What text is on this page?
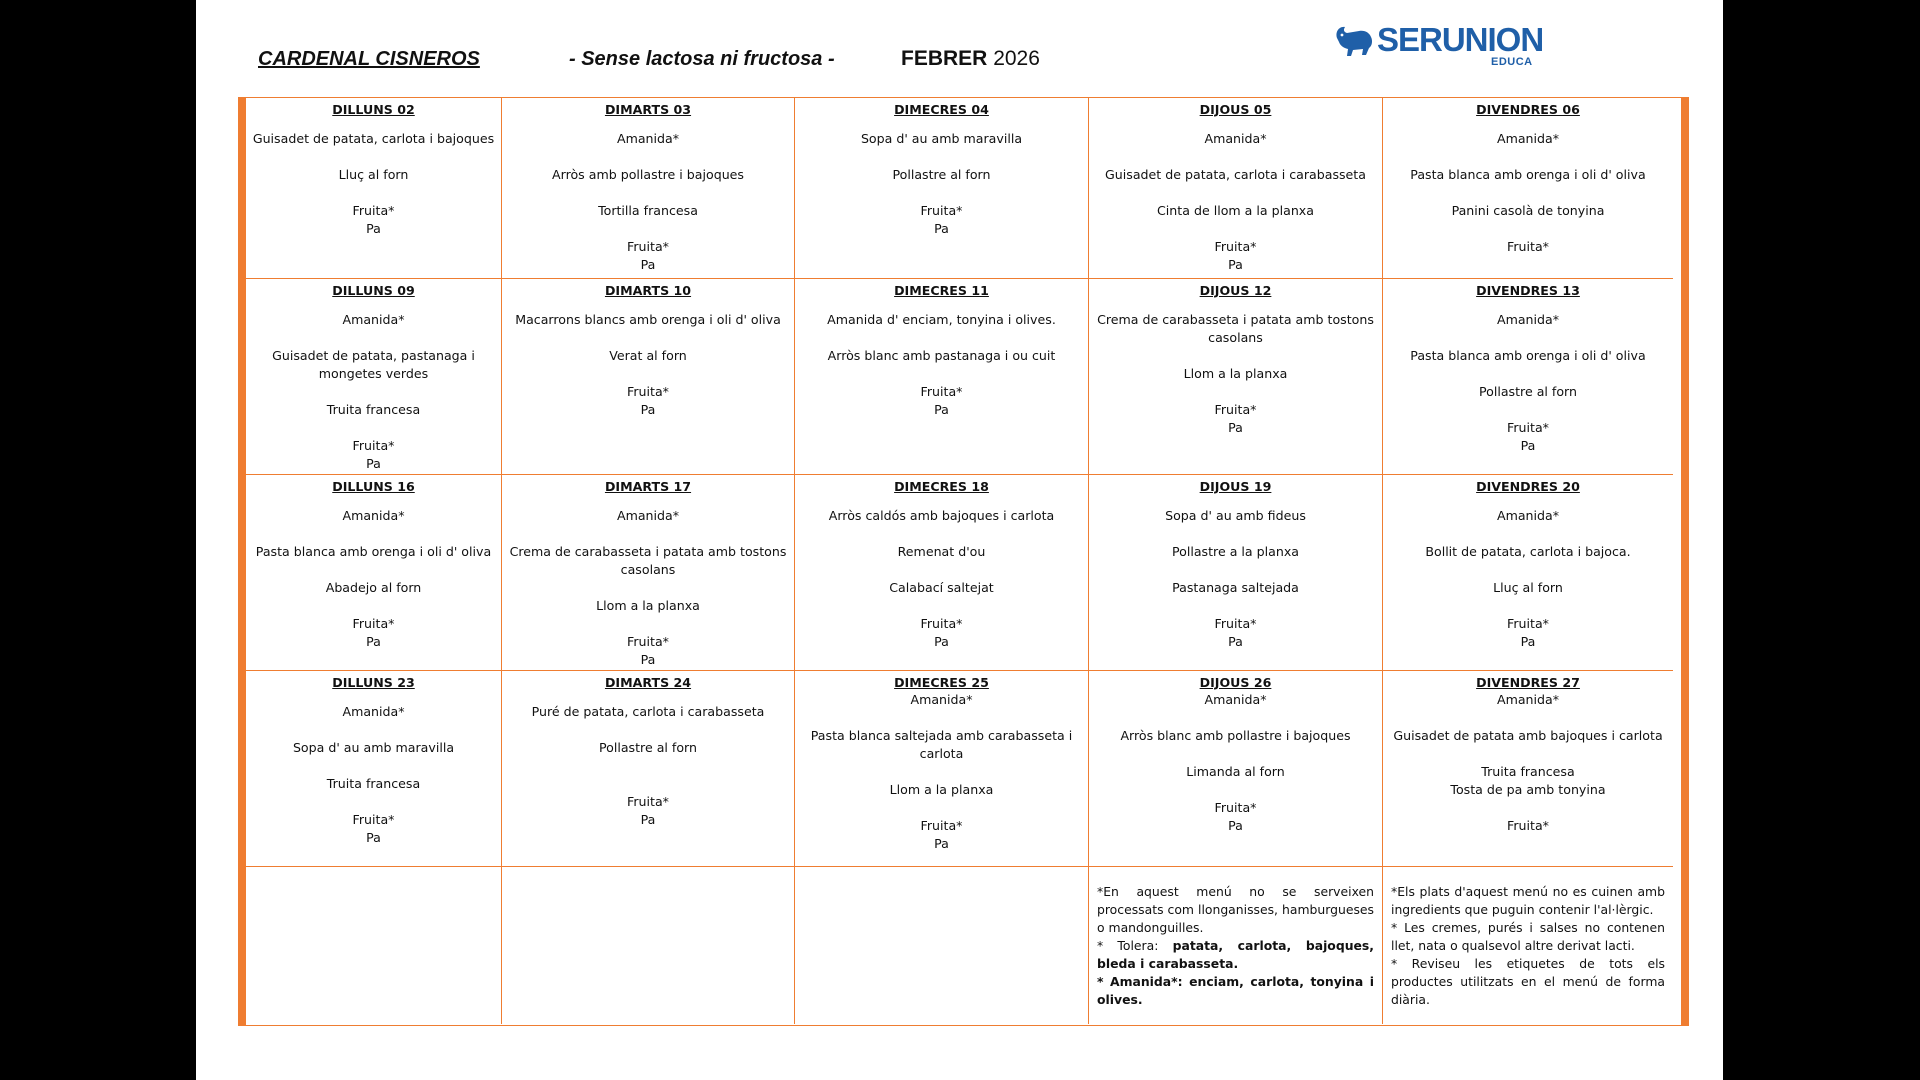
CARDENAL CISNEROS	- Sense lactosa ni fructosa -	FEBRER 2026
SERUNION
EDUCA
DILLUNS 02
Guisadet de patata, carlota i bajoques
Lluç al forn
Fruita*
Pa
DIMARTS 03
Amanida*
Arròs amb pollastre i bajoques
Tortilla francesa
Fruita*
Pa
DIMECRES 04
Sopa d' au amb maravilla
Pollastre al forn
Fruita*
Pa
DIJOUS 05
Amanida*
Guisadet de patata, carlota i carabasseta
Cinta de llom a la planxa
Fruita*
Pa
DIVENDRES 06
Amanida*
Pasta blanca amb orenga i oli d' oliva
Panini casolà de tonyina
Fruita*
DILLUNS 09
Amanida*
Guisadet de patata, pastanaga i mongetes verdes
Truita francesa
Fruita*
Pa
DIMARTS 10
Macarrons blancs amb orenga i oli d' oliva
Verat al forn
Fruita*
Pa
DIMECRES 11
Amanida d' enciam, tonyina i olives.
Arròs blanc amb pastanaga i ou cuit
Fruita*
Pa
DIJOUS 12
Crema de carabasseta i patata amb tostons casolans
Llom a la planxa
Fruita*
Pa
DIVENDRES 13
Amanida*
Pasta blanca amb orenga i oli d' oliva
Pollastre al forn
Fruita*
Pa
DILLUNS 16
Amanida*
Pasta blanca amb orenga i oli d' oliva
Abadejo al forn
Fruita*
Pa
DIMARTS 17
Amanida*
Crema de carabasseta i patata amb tostons casolans
Llom a la planxa
Fruita*
Pa
DIMECRES 18
Arròs caldós amb bajoques i carlota
Remenat d'ou
Calabací saltejat
Fruita*
Pa
DIJOUS 19
Sopa d' au amb fideus
Pollastre a la planxa
Pastanaga saltejada
Fruita*
Pa
DIVENDRES 20
Amanida*
Bollit de patata, carlota i bajoca.
Lluç al forn
Fruita*
Pa
DILLUNS 23
Amanida*
Sopa d' au amb maravilla
Truita francesa
Fruita*
Pa
DIMARTS 24
Puré de patata, carlota i carabasseta
Pollastre al forn
Fruita*
Pa
DIMECRES 25
Amanida*
Pasta blanca saltejada amb carabasseta i carlota
Llom a la planxa
Fruita*
Pa
DIJOUS 26
Amanida*
Arròs blanc amb pollastre i bajoques
Limanda al forn
Fruita*
Pa
DIVENDRES 27
Amanida*
Guisadet de patata amb bajoques i carlota
Truita francesa
Tosta de pa amb tonyina
Fruita*
*En aquest menú no se serveixen processats com llonganisses, hamburgueses o mandonguilles.
* Tolera: patata, carlota, bajoques, bleda i carabasseta.
* Amanida*: enciam, carlota, tonyina i olives.
*Els plats d'aquest menú no es cuinen amb ingredients que puguin contenir l'al·lèrgic.
* Les cremes, purés i salses no contenen llet, nata o qualsevol altre derivat lacti.
* Reviseu les etiquetes de tots els productes utilitzats en el menú de forma diària.
